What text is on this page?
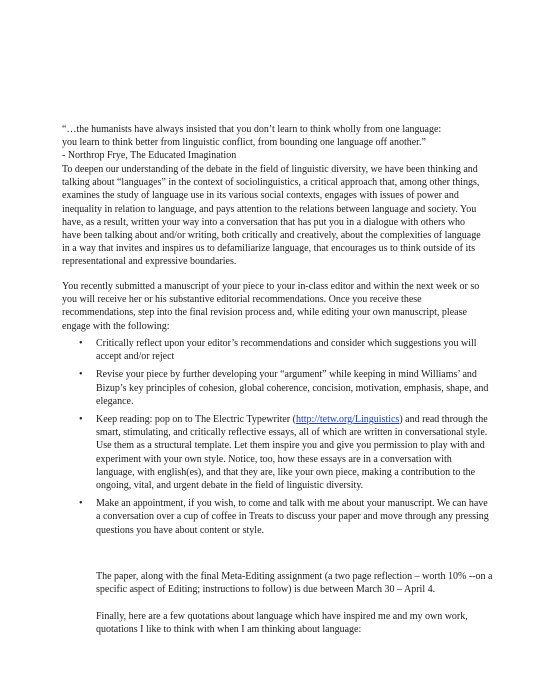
“…the humanists have always insisted that you don’t learn to think wholly from one language:
you learn to think better from linguistic conflict, from bounding one language off another.”
- Northrop Frye, The Educated Imagination

To deepen our understanding of the debate in the field of linguistic diversity, we have been thinking and talking about “languages” in the context of sociolinguistics, a critical approach that, among other things, examines the study of language use in its various social contexts, engages with issues of power and inequality in relation to language, and pays attention to the relations between language and society. You have, as a result, written your way into a conversation that has put you in a dialogue with others who have been talking about and/or writing, both critically and creatively, about the complexities of language in a way that invites and inspires us to defamiliarize language, that encourages us to think outside of its representational and expressive boundaries.

You recently submitted a manuscript of your piece to your in-class editor and within the next week or so you will receive her or his substantive editorial recommendations. Once you receive these recommendations, step into the final revision process and, while editing your own manuscript, please engage with the following:

• Critically reflect upon your editor’s recommendations and consider which suggestions you will accept and/or reject
• Revise your piece by further developing your “argument” while keeping in mind Williams’ and Bizup’s key principles of cohesion, global coherence, concision, motivation, emphasis, shape, and elegance.
• Keep reading: pop on to The Electric Typewriter (http://tetw.org/Linguistics) and read through the smart, stimulating, and critically reflective essays, all of which are written in conversational style. Use them as a structural template. Let them inspire you and give you permission to play with and experiment with your own style. Notice, too, how these essays are in a conversation with language, with english(es), and that they are, like your own piece, making a contribution to the ongoing, vital, and urgent debate in the field of linguistic diversity.
• Make an appointment, if you wish, to come and talk with me about your manuscript. We can have a conversation over a cup of coffee in Treats to discuss your paper and move through any pressing questions you have about content or style.

The paper, along with the final Meta-Editing assignment (a two page reflection – worth 10% --on a specific aspect of Editing; instructions to follow) is due between March 30 – April 4.

Finally, here are a few quotations about language which have inspired me and my own work, quotations I like to think with when I am thinking about language:
